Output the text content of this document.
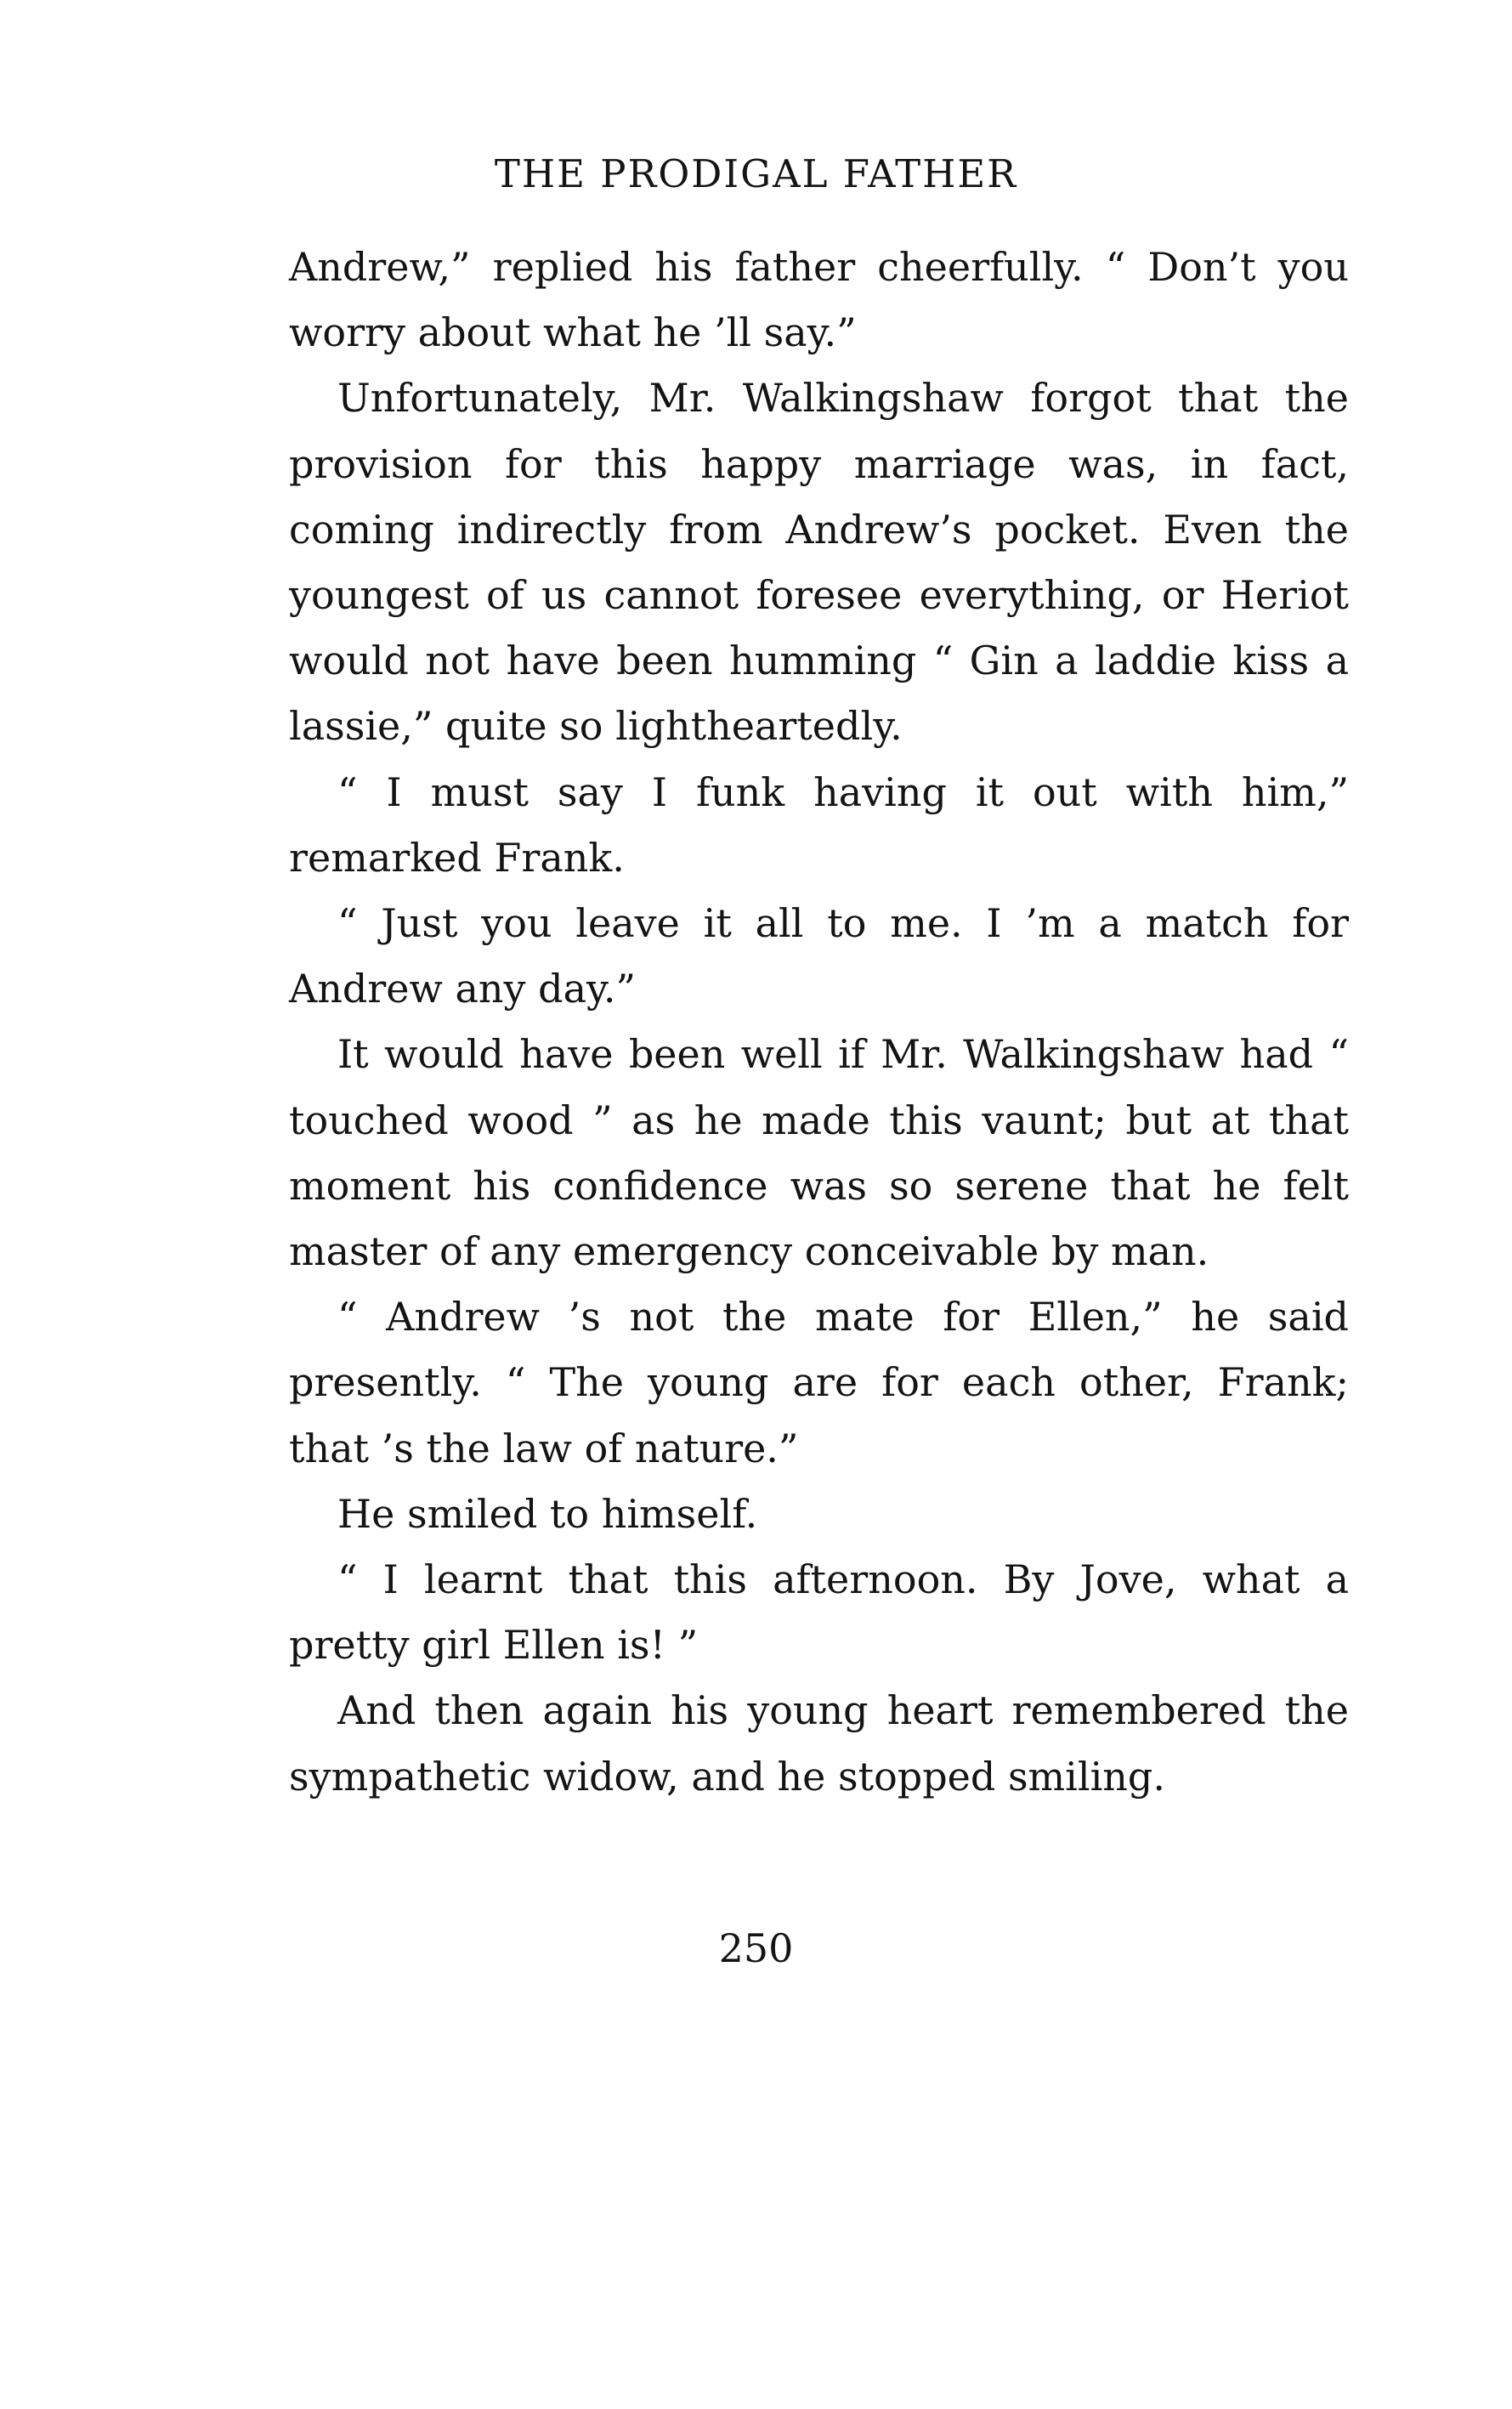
THE PRODIGAL FATHER

Andrew,” replied his father cheerfully. “ Don’t you worry about what he ’ll say.”

Unfortunately, Mr. Walkingshaw forgot that the provision for this happy marriage was, in fact, coming indirectly from Andrew’s pocket. Even the youngest of us cannot foresee everything, or Heriot would not have been humming “ Gin a laddie kiss a lassie,” quite so lightheartedly.

“ I must say I funk having it out with him,” remarked Frank.

“ Just you leave it all to me. I ’m a match for Andrew any day.”

It would have been well if Mr. Walkingshaw had “ touched wood ” as he made this vaunt; but at that moment his confidence was so serene that he felt master of any emergency conceivable by man.

“ Andrew ’s not the mate for Ellen,” he said presently. “ The young are for each other, Frank; that ’s the law of nature.”

He smiled to himself.

“ I learnt that this afternoon. By Jove, what a pretty girl Ellen is! ”

And then again his young heart remembered the sympathetic widow, and he stopped smiling.

250
